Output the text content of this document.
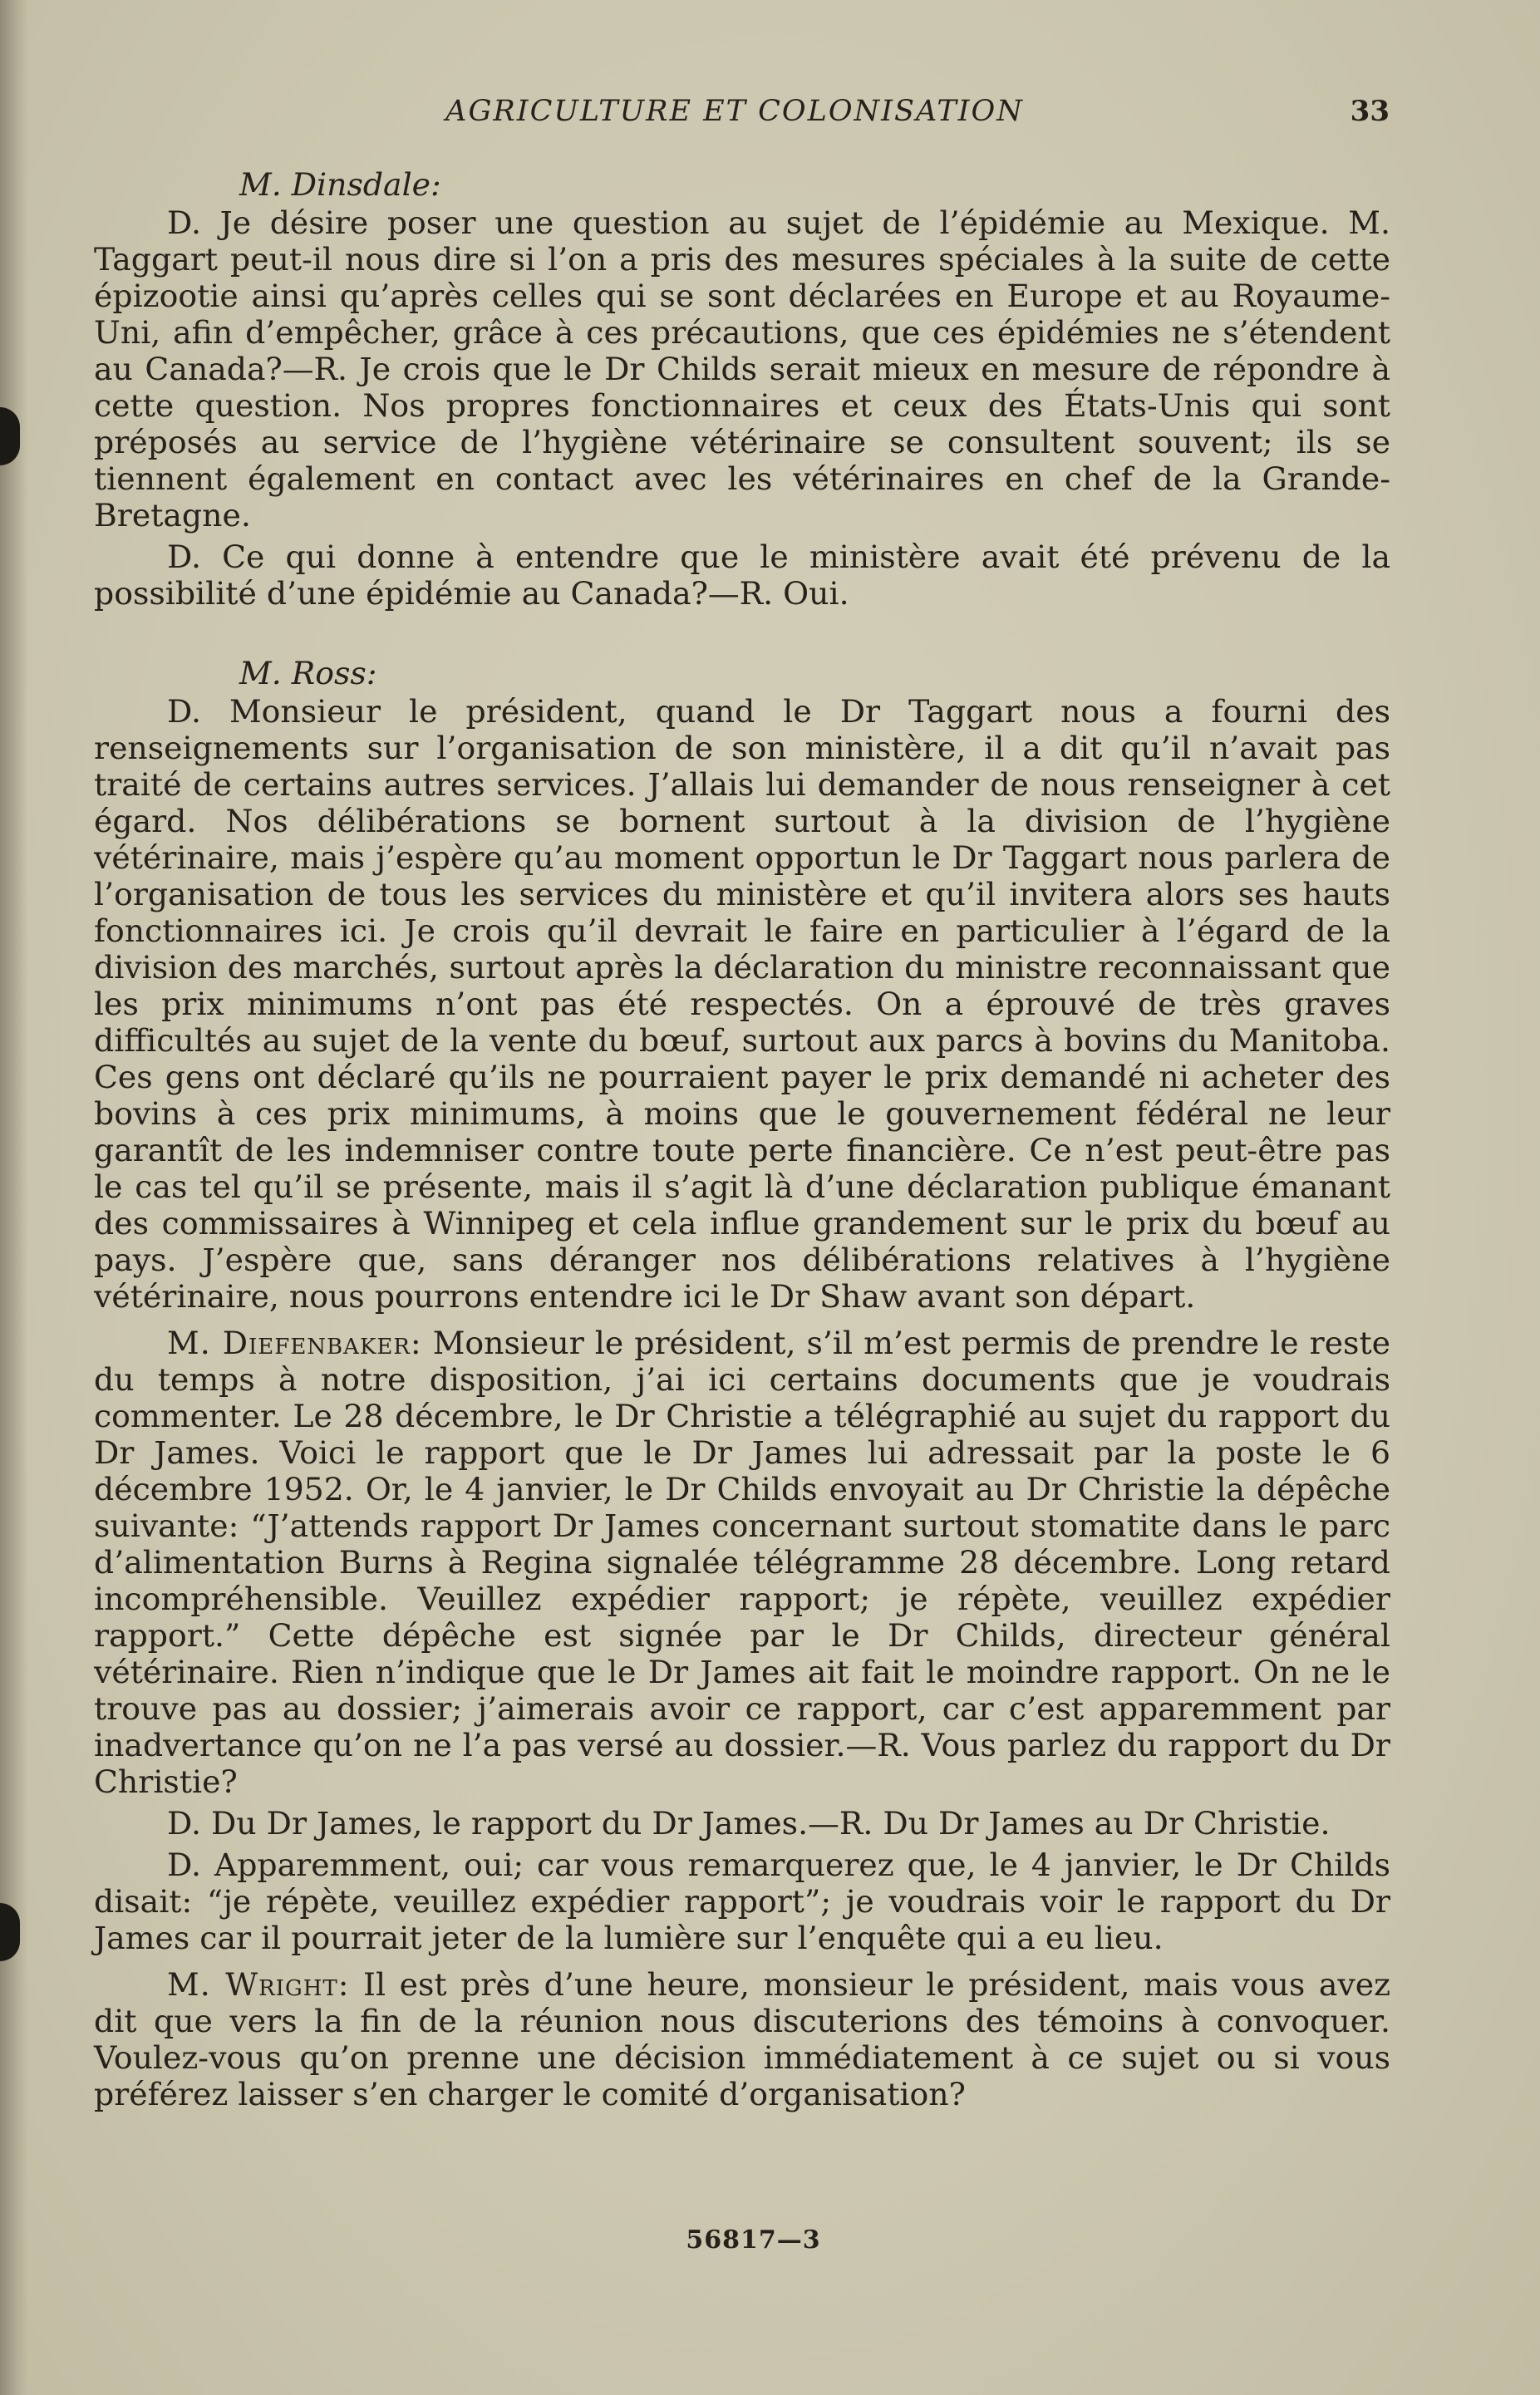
AGRICULTURE ET COLONISATION	33
M. Dinsdale:

D. Je désire poser une question au sujet de l’épidémie au Mexique. M. Taggart peut-il nous dire si l’on a pris des mesures spéciales à la suite de cette épizootie ainsi qu’après celles qui se sont déclarées en Europe et au Royaume-Uni, afin d’empêcher, grâce à ces précautions, que ces épidémies ne s’étendent au Canada?—R. Je crois que le Dr Childs serait mieux en mesure de répondre à cette question. Nos propres fonctionnaires et ceux des États-Unis qui sont préposés au service de l’hygiène vétérinaire se consultent souvent; ils se tiennent également en contact avec les vétérinaires en chef de la Grande-Bretagne.

D. Ce qui donne à entendre que le ministère avait été prévenu de la possibilité d’une épidémie au Canada?—R. Oui.

M. Ross:

D. Monsieur le président, quand le Dr Taggart nous a fourni des renseignements sur l’organisation de son ministère, il a dit qu’il n’avait pas traité de certains autres services. J’allais lui demander de nous renseigner à cet égard. Nos délibérations se bornent surtout à la division de l’hygiène vétérinaire, mais j’espère qu’au moment opportun le Dr Taggart nous parlera de l’organisation de tous les services du ministère et qu’il invitera alors ses hauts fonctionnaires ici. Je crois qu’il devrait le faire en particulier à l’égard de la division des marchés, surtout après la déclaration du ministre reconnaissant que les prix minimums n’ont pas été respectés. On a éprouvé de très graves difficultés au sujet de la vente du bœuf, surtout aux parcs à bovins du Manitoba. Ces gens ont déclaré qu’ils ne pourraient payer le prix demandé ni acheter des bovins à ces prix minimums, à moins que le gouvernement fédéral ne leur garantît de les indemniser contre toute perte financière. Ce n’est peut-être pas le cas tel qu’il se présente, mais il s’agit là d’une déclaration publique émanant des commissaires à Winnipeg et cela influe grandement sur le prix du bœuf au pays. J’espère que, sans déranger nos délibérations relatives à l’hygiène vétérinaire, nous pourrons entendre ici le Dr Shaw avant son départ.

M. Diefenbaker: Monsieur le président, s’il m’est permis de prendre le reste du temps à notre disposition, j’ai ici certains documents que je voudrais commenter. Le 28 décembre, le Dr Christie a télégraphié au sujet du rapport du Dr James. Voici le rapport que le Dr James lui adressait par la poste le 6 décembre 1952. Or, le 4 janvier, le Dr Childs envoyait au Dr Christie la dépêche suivante: “J’attends rapport Dr James concernant surtout stomatite dans le parc d’alimentation Burns à Regina signalée télégramme 28 décembre. Long retard incompréhensible. Veuillez expédier rapport; je répète, veuillez expédier rapport.” Cette dépêche est signée par le Dr Childs, directeur général vétérinaire. Rien n’indique que le Dr James ait fait le moindre rapport. On ne le trouve pas au dossier; j’aimerais avoir ce rapport, car c’est apparemment par inadvertance qu’on ne l’a pas versé au dossier.—R. Vous parlez du rapport du Dr Christie?

D. Du Dr James, le rapport du Dr James.—R. Du Dr James au Dr Christie.

D. Apparemment, oui; car vous remarquerez que, le 4 janvier, le Dr Childs disait: “je répète, veuillez expédier rapport”; je voudrais voir le rapport du Dr James car il pourrait jeter de la lumière sur l’enquête qui a eu lieu.

M. Wright: Il est près d’une heure, monsieur le président, mais vous avez dit que vers la fin de la réunion nous discuterions des témoins à convoquer. Voulez-vous qu’on prenne une décision immédiatement à ce sujet ou si vous préférez laisser s’en charger le comité d’organisation?

56817—3
